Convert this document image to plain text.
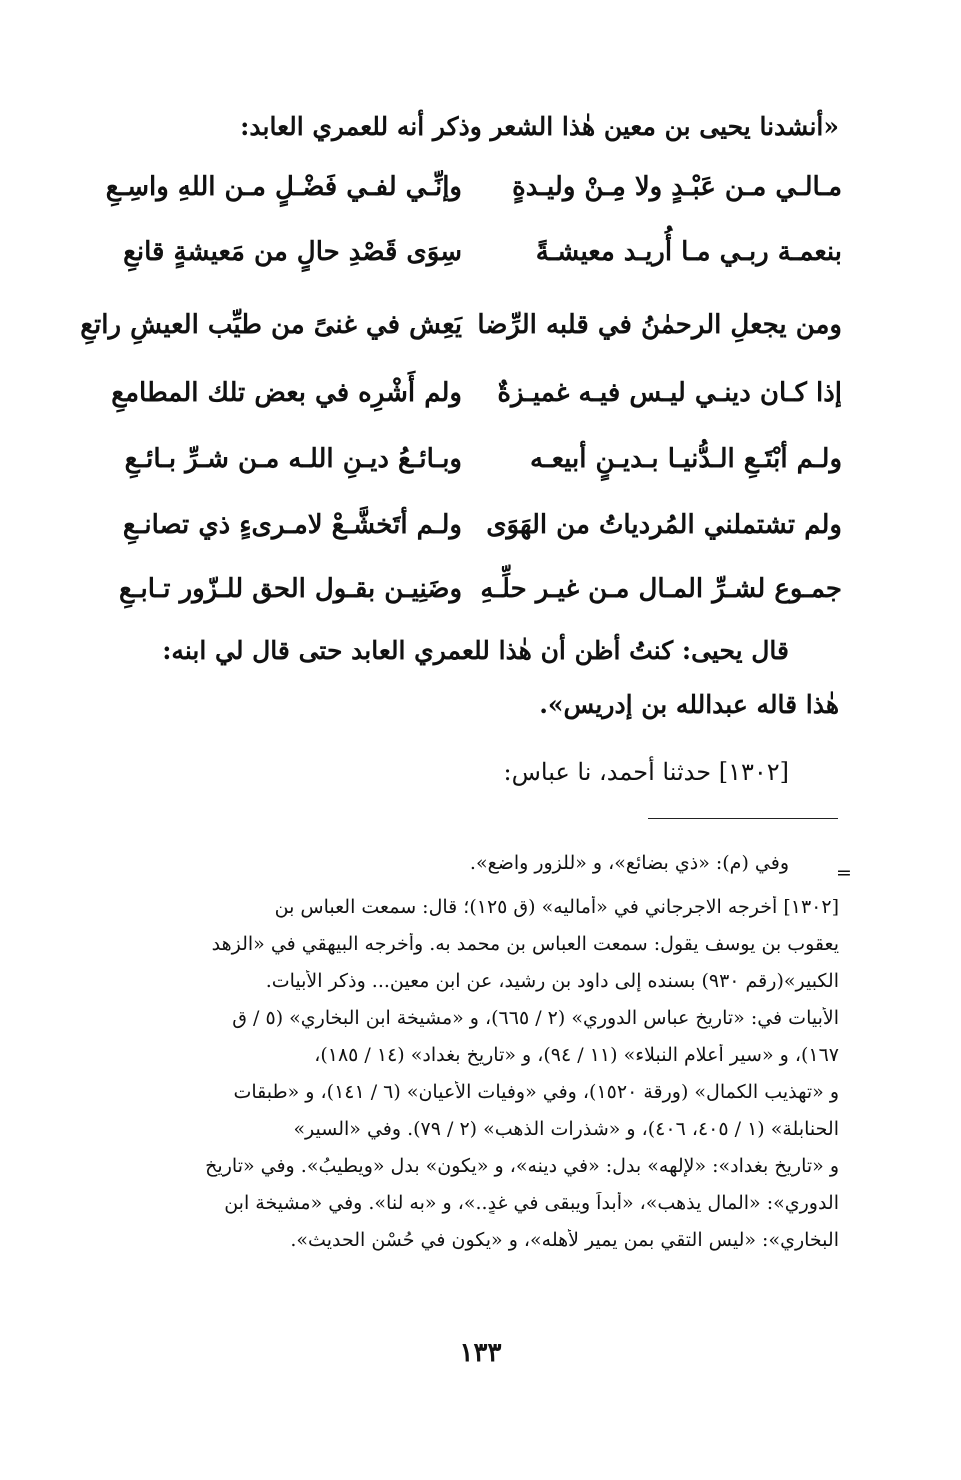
«أنشدنا يحيى بن معين هٰذا الشعر وذكر أنه للعمري العابد:
مـالـي مـن عَبْـدٍ ولا مِـنْ وليـدةٍ
وإنِّـي لفـي فَضْـلٍ مـن اللهِ واسِـعِ
بنعمـة ربـي مـا أُريـد معيشـةً
سِوَى قَصْدِ حالٍ من مَعيشةٍ قانعِ
ومن يجعلِ الرحمٰنُ في قلبه الرِّضا
يَعِش في غنىً من طيِّب العيشِ راتعِ
إذا كـان دينـي ليـس فيـه غميـزةٌ
ولم أَشْرِه في بعض تلك المطامعِ
ولـم أبْتَـعِ الـدُّنيـا بـديـنٍ أبيعـه
وبـائـعُ ديـنِ اللـه مـن شـرِّ بـائـعِ
ولم تشتملني المُردياتُ من الهَوَى
ولـم أتَخشَّـعْ لامـرىءٍ ذي تصانـعِ
جمـوع لشـرِّ المـال مـن غيـر حلِّـهِ
وضَنِيـن بقـول الحق للـزّور تـابـعِ
قال يحيى: كنتُ أظن أن هٰذا للعمري العابد حتى قال لي ابنه:
هٰذا قاله عبدالله بن إدريس».
[١٣٠٢] حدثنا أحمد، نا عباس:
=
وفي (م): «ذي بضائع»، و «للزور واضع».
[١٣٠٢] أخرجه الاجرجاني في «أماليه» (ق ١٢٥)؛ قال: سمعت العباس بن
يعقوب بن يوسف يقول: سمعت العباس بن محمد به. وأخرجه البيهقي في «الزهد
الكبير»(رقم ٩٣٠) بسنده إلى داود بن رشيد، عن ابن معين... وذكر الأبيات.
الأبيات في: «تاريخ عباس الدوري» (٢ / ٦٦٥)، و «مشيخة ابن البخاري» (٥ / ق
١٦٧)، و «سير أعلام النبلاء» (١١ / ٩٤)، و «تاريخ بغداد» (١٤ / ١٨٥)،
و «تهذيب الكمال» (ورقة ١٥٢٠)، وفي «وفيات الأعيان» (٦ / ١٤١)، و «طبقات
الحنابلة» (١ / ٤٠٥، ٤٠٦)، و «شذرات الذهب» (٢ / ٧٩). وفي «السير»
و «تاريخ بغداد»: «لإلهه» بدل: «في دينه»، و «يكون» بدل «ويطيبُ». وفي «تاريخ
الدوري»: «المال يذهب»، «أبداً ويبقى في غدٍ..»، و «به لنا». وفي «مشيخة ابن
البخاري»: «ليس التقي بمن يمير لأهله»، و «يكون في حُسْن الحديث».
١٣٣
